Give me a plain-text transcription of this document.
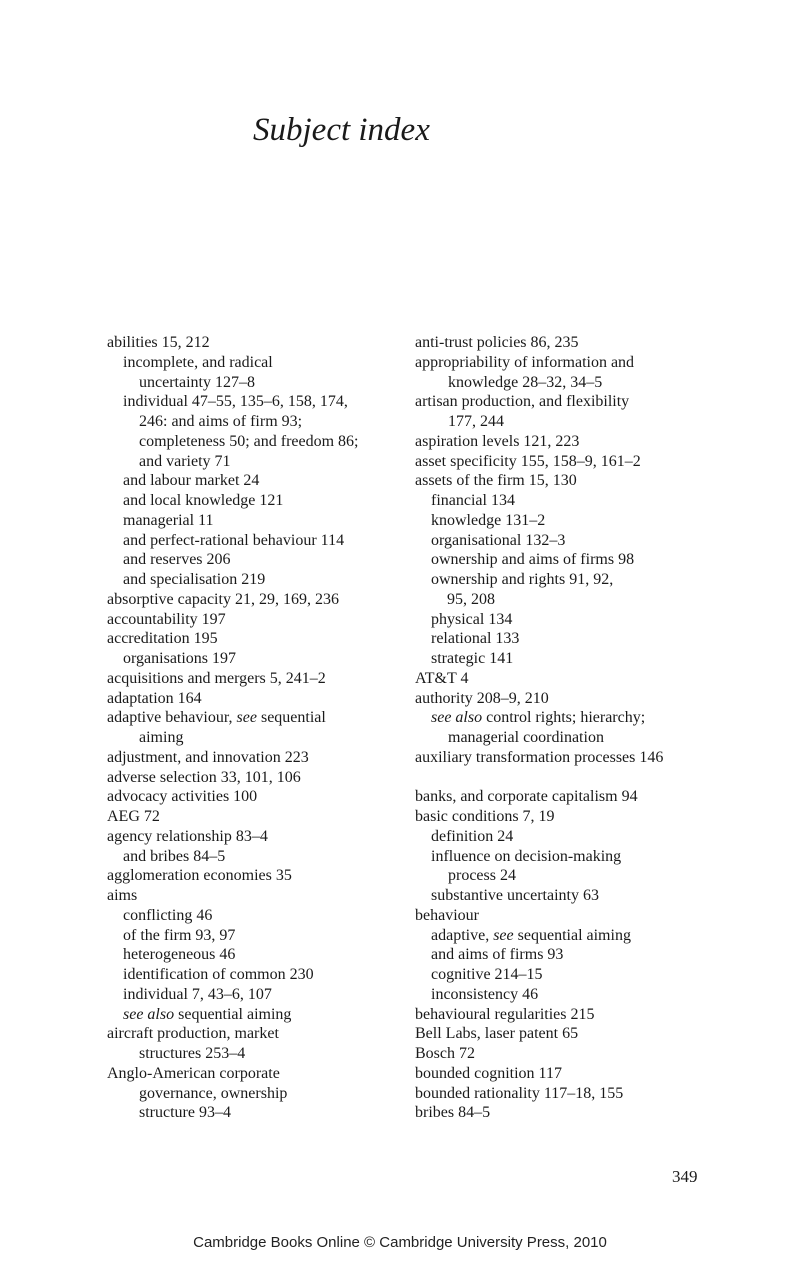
Subject index
abilities 15, 212
incomplete, and radical
uncertainty 127–8
individual 47–55, 135–6, 158, 174,
246: and aims of firm 93;
completeness 50; and freedom 86;
and variety 71
and labour market 24
and local knowledge 121
managerial 11
and perfect-rational behaviour 114
and reserves 206
and specialisation 219
absorptive capacity 21, 29, 169, 236
accountability 197
accreditation 195
organisations 197
acquisitions and mergers 5, 241–2
adaptation 164
adaptive behaviour, see sequential
aiming
adjustment, and innovation 223
adverse selection 33, 101, 106
advocacy activities 100
AEG 72
agency relationship 83–4
and bribes 84–5
agglomeration economies 35
aims
conflicting 46
of the firm 93, 97
heterogeneous 46
identification of common 230
individual 7, 43–6, 107
see also sequential aiming
aircraft production, market
structures 253–4
Anglo-American corporate
governance, ownership
structure 93–4
anti-trust policies 86, 235
appropriability of information and
knowledge 28–32, 34–5
artisan production, and flexibility
177, 244
aspiration levels 121, 223
asset specificity 155, 158–9, 161–2
assets of the firm 15, 130
financial 134
knowledge 131–2
organisational 132–3
ownership and aims of firms 98
ownership and rights 91, 92,
95, 208
physical 134
relational 133
strategic 141
AT&T 4
authority 208–9, 210
see also control rights; hierarchy;
managerial coordination
auxiliary transformation processes 146
banks, and corporate capitalism 94
basic conditions 7, 19
definition 24
influence on decision-making
process 24
substantive uncertainty 63
behaviour
adaptive, see sequential aiming
and aims of firms 93
cognitive 214–15
inconsistency 46
behavioural regularities 215
Bell Labs, laser patent 65
Bosch 72
bounded cognition 117
bounded rationality 117–18, 155
bribes 84–5
349
Cambridge Books Online © Cambridge University Press, 2010
